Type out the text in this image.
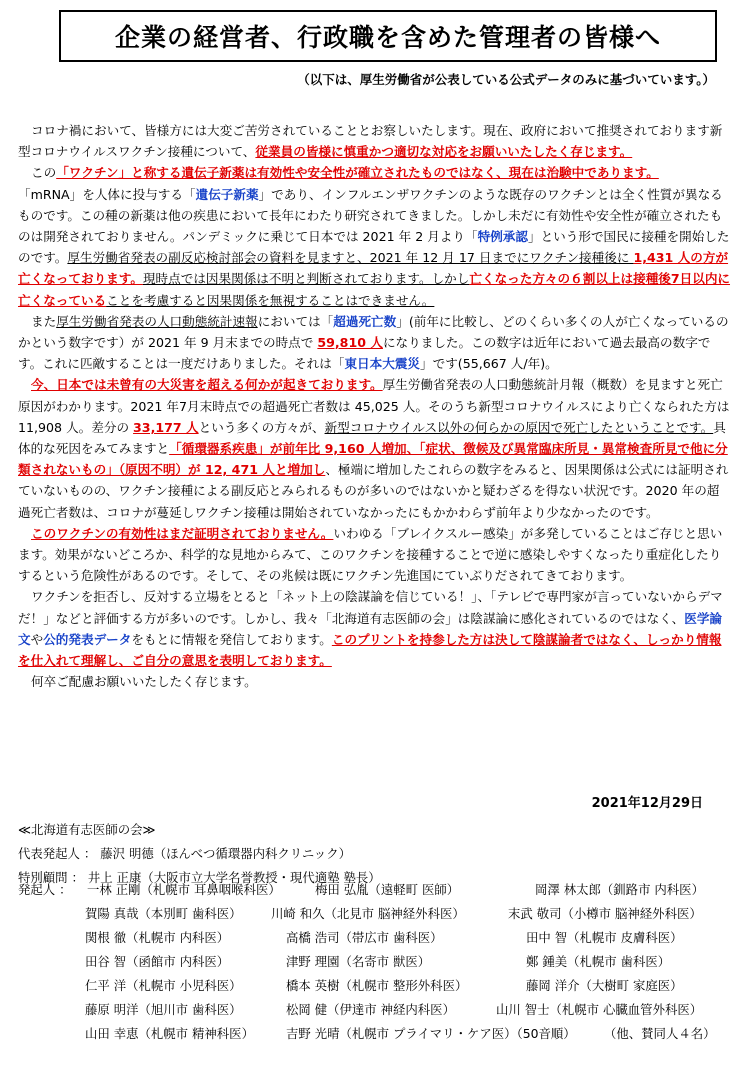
企業の経営者、行政職を含めた管理者の皆様へ
（以下は、厚生労働省が公表している公式データのみに基づいています。）

コロナ禍において、皆様方には大変ご苦労されていることとお察しいたします。現在、政府において推奨されております新型コロナウイルスワクチン接種について、従業員の皆様に慎重かつ適切な対応をお願いいたしたく存じます。

この「ワクチン」と称する遺伝子新薬は有効性や安全性が確立されたものではなく、現在は治験中であります。
「mRNA」を人体に投与する「遺伝子新薬」であり、インフルエンザワクチンのような既存のワクチンとは全く性質が異なるものです。この種の新薬は他の疾患において長年にわたり研究されてきました。しかし未だに有効性や安全性が確立されたものは開発されておりません。パンデミックに乗じて日本では 2021 年 2 月より「特例承認」という形で国民に接種を開始したのです。厚生労働省発表の副反応検討部会の資料を見ますと、2021 年 12 月 17 日までにワクチン接種後に 1,431 人の方が亡くなっております。現時点では因果関係は不明と判断されております。しかし亡くなった方々の６割以上は接種後7日以内に亡くなっていることを考慮すると因果関係を無視することはできません。

また厚生労働省発表の人口動態統計速報においては「超過死亡数」(前年に比較し、どのくらい多くの人が亡くなっているのかという数字です）が 2021 年 9 月末までの時点で 59,810 人になりました。この数字は近年において過去最高の数字です。これに匹敵することは一度だけありました。それは「東日本大震災」です(55,667 人/年)。

今、日本では未曾有の大災害を超える何かが起きております。厚生労働省発表の人口動態統計月報（概数）を見ますと死亡原因がわかります。2021 年7月末時点での超過死亡者数は 45,025 人。そのうち新型コロナウイルスにより亡くなられた方は 11,908 人。差分の 33,177 人という多くの方々が、新型コロナウイルス以外の何らかの原因で死亡したということです。具体的な死因をみてみますと「循環器系疾患」が前年比 9,160 人増加、「症状、徴候及び異常臨床所見・異常検査所見で他に分類されないもの」（原因不明）が 12, 471 人と増加し、極端に増加したこれらの数字をみると、因果関係は公式には証明されていないものの、ワクチン接種による副反応とみられるものが多いのではないかと疑わざるを得ない状況です。2020 年の超過死亡者数は、コロナが蔓延しワクチン接種は開始されていなかったにもかかわらず前年より少なかったのです。

このワクチンの有効性はまだ証明されておりません。いわゆる「ブレイクスルー感染」が多発していることはご存じと思います。効果がないどころか、科学的な見地からみて、このワクチンを接種することで逆に感染しやすくなったり重症化したりするという危険性があるのです。そして、その兆候は既にワクチン先進国にていぶりだされてきております。

ワクチンを拒否し、反対する立場をとると「ネット上の陰謀論を信じている！」、「テレビで専門家が言っていないからデマだ！」などと評価する方が多いのです。しかし、我々「北海道有志医師の会」は陰謀論に感化されているのではなく、医学論文や公的発表データをもとに情報を発信しております。このプリントを持参した方は決して陰謀論者ではなく、しっかり情報を仕入れて理解し、ご自分の意思を表明しております。

何卒ご配慮お願いいたしたく存じます。

2021年12月29日
≪北海道有志医師の会≫
代表発起人 ： 藤沢 明德（ほんべつ循環器内科クリニック）
特別顧問 ： 井上 正康（大阪市立大学名誉教授・現代適塾 塾長）
発起人 ： 一林 正剛（札幌市 耳鼻咽喉科医）	梅田 弘胤（遠軽町 医師）	岡澤 林太郎（釧路市 内科医）
賀陽 真哉（本別町 歯科医） 川崎 和久（北見市 脳神経外科医）	末武 敬司（小樽市 脳神経外科医）
関根 徹（札幌市 内科医）	高橋 浩司（帯広市 歯科医）	田中 智（札幌市 皮膚科医）
田谷 智（函館市 内科医）	津野 理園（名寄市 獣医）	鄭 鍾美（札幌市 歯科医）
仁平 洋（札幌市 小児科医）	橋本 英樹（札幌市 整形外科医）	藤岡 洋介（大樹町 家庭医）
藤原 明洋（旭川市 歯科医）	松岡 健（伊達市 神経内科医）	山川 智士（札幌市 心臓血管外科医）
山田 幸恵（札幌市 精神科医）	吉野 光晴（札幌市 プライマリ・ケア医）（50音順） （他、賛同人４名）
